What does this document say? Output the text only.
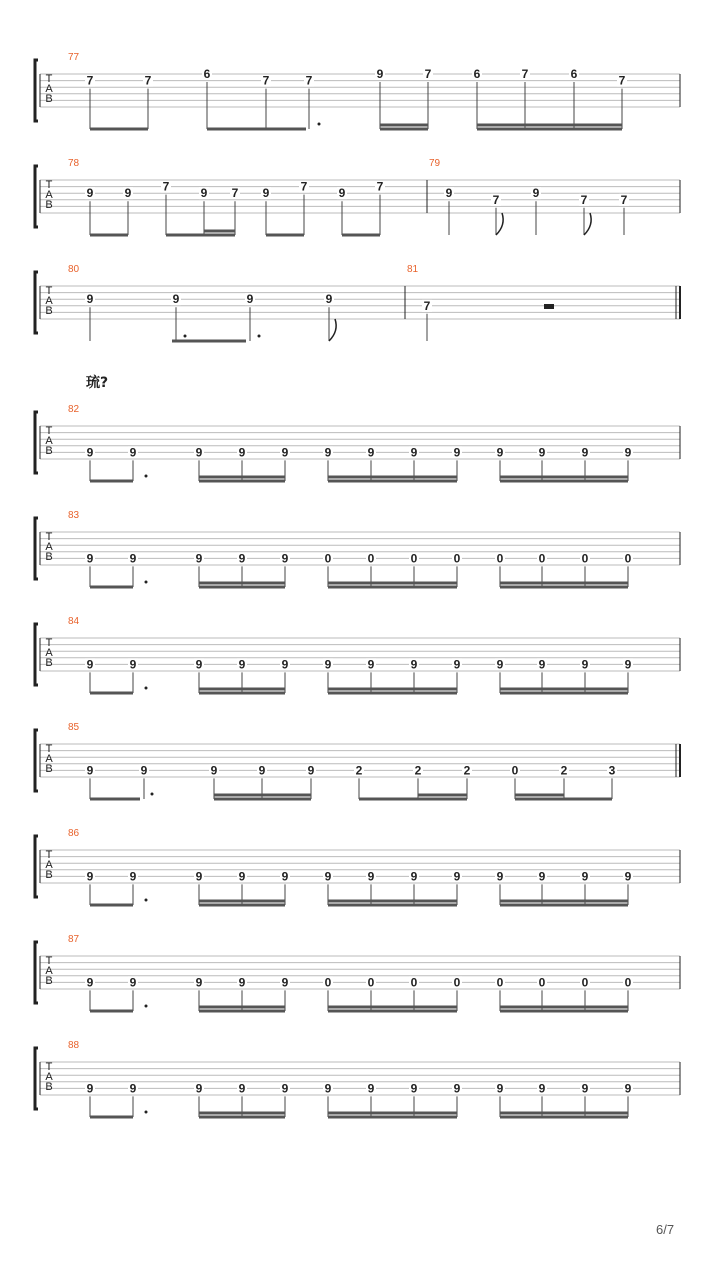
T
A
B
77
7	7	6	7	7	9	7	6	7	6	7
T
A
B
78
9	9	7	9 7 9	7	9	7
79
9	7	9	7	7
T
A
B
80
9	9	9	9
81
7
T
A
B
82
9	9	9	9	9	9	9	9	9	9	9	9	9
T
A
B
83
9	9	9	9	9	0	0	0	0	0	0	0	0
T
A
B
84
9	9	9	9	9	9	9	9	9	9	9	9	9
T
A
B
85
9	9	9	9	9	2	2	2	0	2	3
T
A
B
86
9	9	9	9	9	9	9	9	9	9	9	9	9
T
A
B
87
9	9	9	9	9	0	0	0	0	0	0	0	0
T
A
B
88
9	9	9	9	9	9	9	9	9	9	9	9	9
琉?
6/7
